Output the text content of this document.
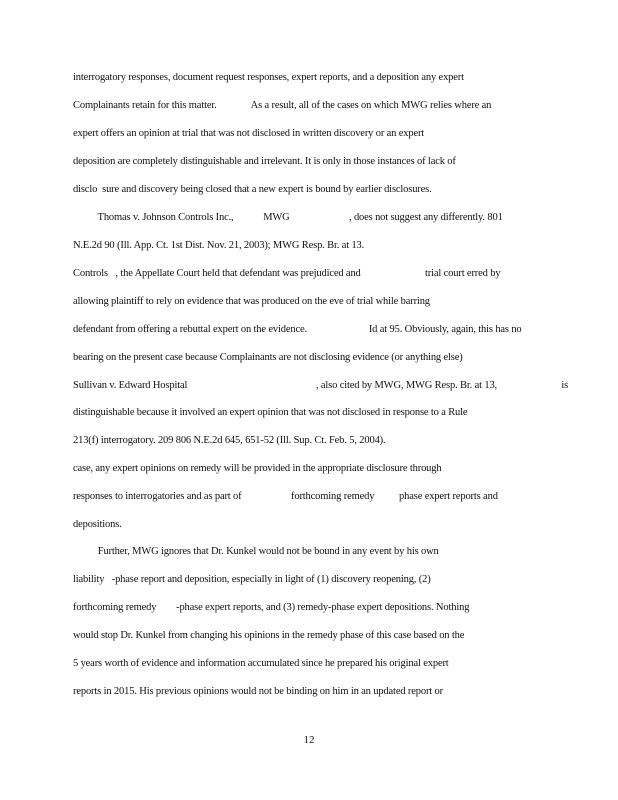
interrogatory responses, document request responses, expert reports, and a deposition any expert
Complainants retain for this matter.              As a result, all of the cases on which MWG relies where an
expert offers an opinion at trial that was not disclosed in written discovery or an expert
deposition are completely distinguishable and irrelevant. It is only in those instances of lack of
disclo  sure and discovery being closed that a new expert is bound by earlier disclosures.
Thomas v. Johnson Controls Inc.,            MWG                        , does not suggest any differently. 801
N.E.2d 90 (Ill. App. Ct. 1st Dist. Nov. 21, 2003); MWG Resp. Br. at 13.
Controls   , the Appellate Court held that defendant was prejudiced and                          trial court erred by
allowing plaintiff to rely on evidence that was produced on the eve of trial while barring
defendant from offering a rebuttal expert on the evidence.                         Id at 95. Obviously, again, this has no
bearing on the present case because Complainants are not disclosing evidence (or anything else)
Sullivan v. Edward Hospital                                                    , also cited by MWG, MWG Resp. Br. at 13,                          is
distinguishable because it involved an expert opinion that was not disclosed in response to a Rule
213(f) interrogatory. 209 806 N.E.2d 645, 651-52 (Ill. Sup. Ct. Feb. 5, 2004).
case, any expert opinions on remedy will be provided in the appropriate disclosure through
responses to interrogatories and as part of                    forthcoming remedy          phase expert reports and
depositions.
Further, MWG ignores that Dr. Kunkel would not be bound in any event by his own
liability   -phase report and deposition, especially in light of (1) discovery reopening, (2)
forthcoming remedy        -phase expert reports, and (3) remedy-phase expert depositions. Nothing
would stop Dr. Kunkel from changing his opinions in the remedy phase of this case based on the
5 years worth of evidence and information accumulated since he prepared his original expert
reports in 2015. His previous opinions would not be binding on him in an updated report or
12
